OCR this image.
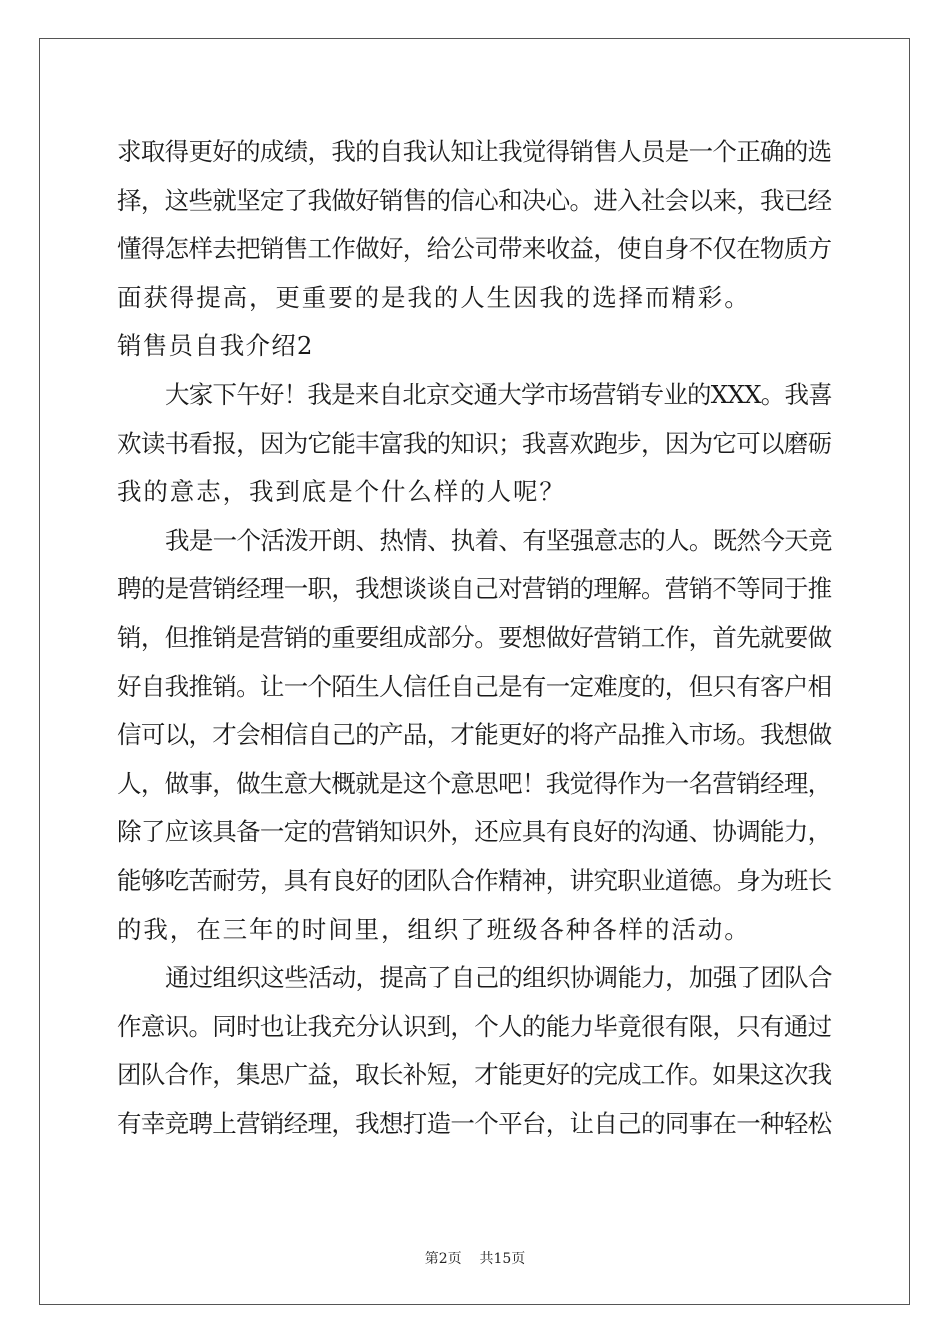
求取得更好的成绩，我的自我认知让我觉得销售人员是一个正确的选
择，这些就坚定了我做好销售的信心和决心。进入社会以来，我已经
懂得怎样去把销售工作做好，给公司带来收益，使自身不仅在物质方
面获得提高，更重要的是我的人生因我的选择而精彩。
销售员自我介绍2
大家下午好！我是来自北京交通大学市场营销专业的XXX。我喜
欢读书看报，因为它能丰富我的知识；我喜欢跑步，因为它可以磨砺
我的意志，我到底是个什么样的人呢？
我是一个活泼开朗、热情、执着、有坚强意志的人。既然今天竞
聘的是营销经理一职，我想谈谈自己对营销的理解。营销不等同于推
销，但推销是营销的重要组成部分。要想做好营销工作，首先就要做
好自我推销。让一个陌生人信任自己是有一定难度的，但只有客户相
信可以，才会相信自己的产品，才能更好的将产品推入市场。我想做
人，做事，做生意大概就是这个意思吧！我觉得作为一名营销经理，
除了应该具备一定的营销知识外，还应具有良好的沟通、协调能力，
能够吃苦耐劳，具有良好的团队合作精神，讲究职业道德。身为班长
的我，在三年的时间里，组织了班级各种各样的活动。
通过组织这些活动，提高了自己的组织协调能力，加强了团队合
作意识。同时也让我充分认识到，个人的能力毕竟很有限，只有通过
团队合作，集思广益，取长补短，才能更好的完成工作。如果这次我
有幸竞聘上营销经理，我想打造一个平台，让自己的同事在一种轻松
第2页 共15页
